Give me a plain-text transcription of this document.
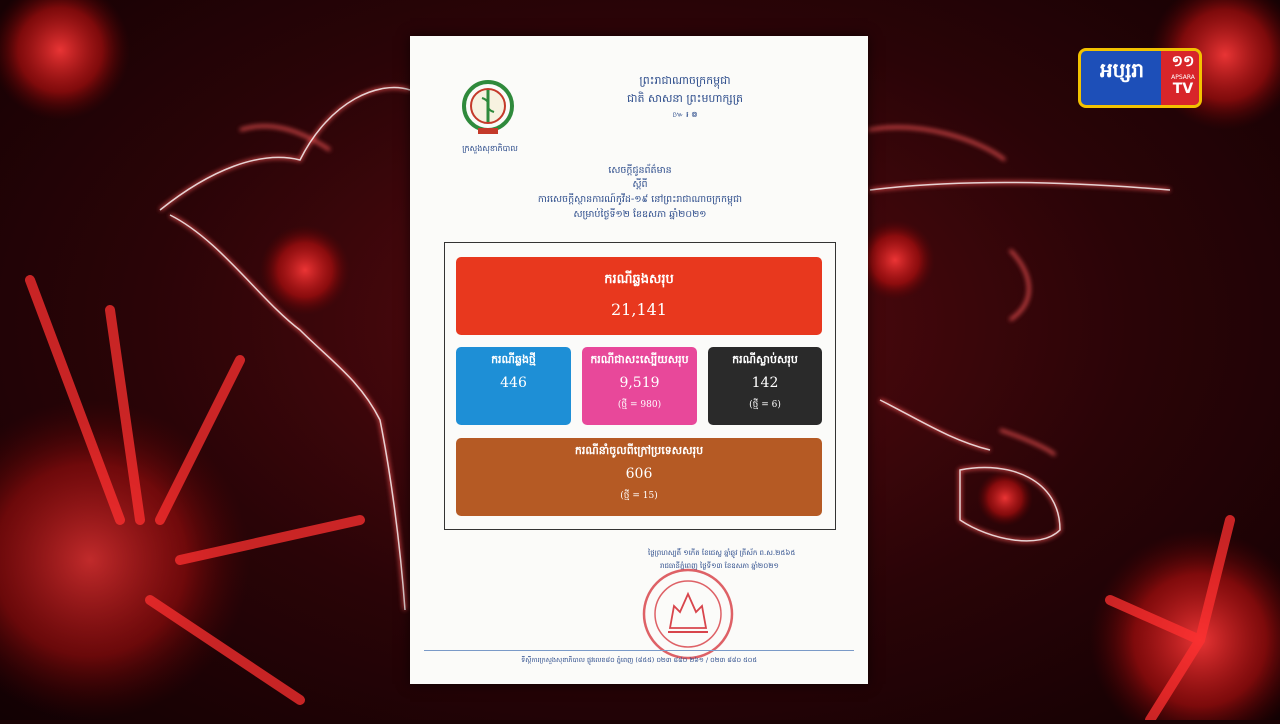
ក្រសួងសុខាភិបាល
ព្រះរាជាណាចក្រកម្ពុជា
ជាតិ សាសនា ព្រះមហាក្សត្រ
៚ ៛ ៙
សេចក្តីជូនព័ត៌មាន
ស្តីពី
ការសេចក្តីស្ថានការណ៍កូវីដ-១៩ នៅព្រះរាជាណាចក្រកម្ពុជា
សម្រាប់ថ្ងៃទី១២ ខែឧសភា ឆ្នាំ២០២១
ករណីឆ្លងសរុប
21,141
ករណីឆ្លងថ្មី
446
ករណីជាសះស្បើយសរុប
9,519
(ថ្មី = 980)
ករណីស្លាប់សរុប
142
(ថ្មី = 6)
ករណីនាំចូលពីក្រៅប្រទេសសរុប
606
(ថ្មី = 15)
ថ្ងៃព្រហស្បតិ៍ ១កើត ខែជេស្ឋ ឆ្នាំឆ្លូវ ត្រីស័ក ព.ស.២៥៦៥
រាជធានីភ្នំពេញ ថ្ងៃទី១៣ ខែឧសភា ឆ្នាំ២០២១
ទីស្តីការក្រសួងសុខាភិបាល ផ្លូវលេខ៨០ ភ្នំពេញ (៨៥៥) ០២៣ ៨៨០ ២៦១ / ០២៣ ៨៨០ ៥០៥
អប្សរា	១១
APSARA
TV
